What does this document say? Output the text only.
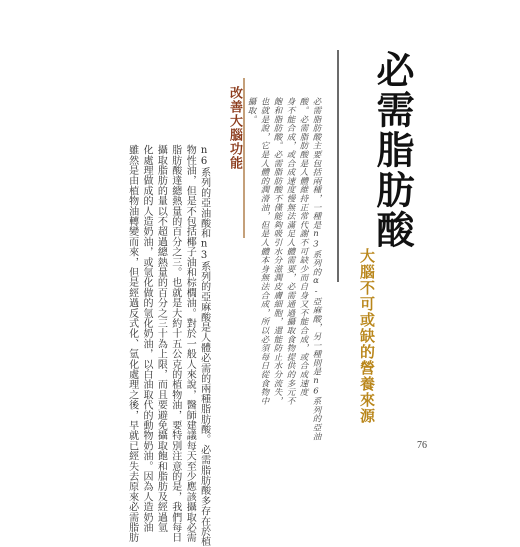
必需脂肪酸
大腦不可或缺的營養來源

必需脂肪酸主要包括兩種，一種是n3系列的α-亞麻酸，另一種則是n6系列的亞油
酸。必需脂肪酸是人體維持正常代謝不可缺少而自身又不能合成，或合成速度
身不能合成，或合成速度慢無法滿足人體需要，必需通過攝取食物提供的多元不
飽和脂肪酸。必需脂肪酸不僅能夠吸引水分滋潤皮膚細胞，還能防止水分流失，
也就是說，它是人體的潤滑油，但是人體本身無法合成，所以必須每日從食物中
攝取。

改善大腦功能

n6系列的亞油酸和n3系列的亞麻酸是人體必需的兩種脂肪酸。必需脂肪酸多存在於植
物性油，但是不包括椰子油和棕櫚油。對於一般人來說，醫師建議每天至少應該攝取必需
脂肪酸達總熱量的百分之三。也就是大約十五公克的植物油，要特別注意的是，我們每日
攝取脂肪的量以不超過總熱量的百分之三十為上限，而且要避免攝取飽和脂肪及經過氫
化處理做成的人造奶油，或氫化做的氫化奶油，以白油取代的動物奶油。因為人造奶油
雖然是由植物油轉變而來，但是經過反式化、氫化處理之後，早就已經失去原來必需脂肪
	76
